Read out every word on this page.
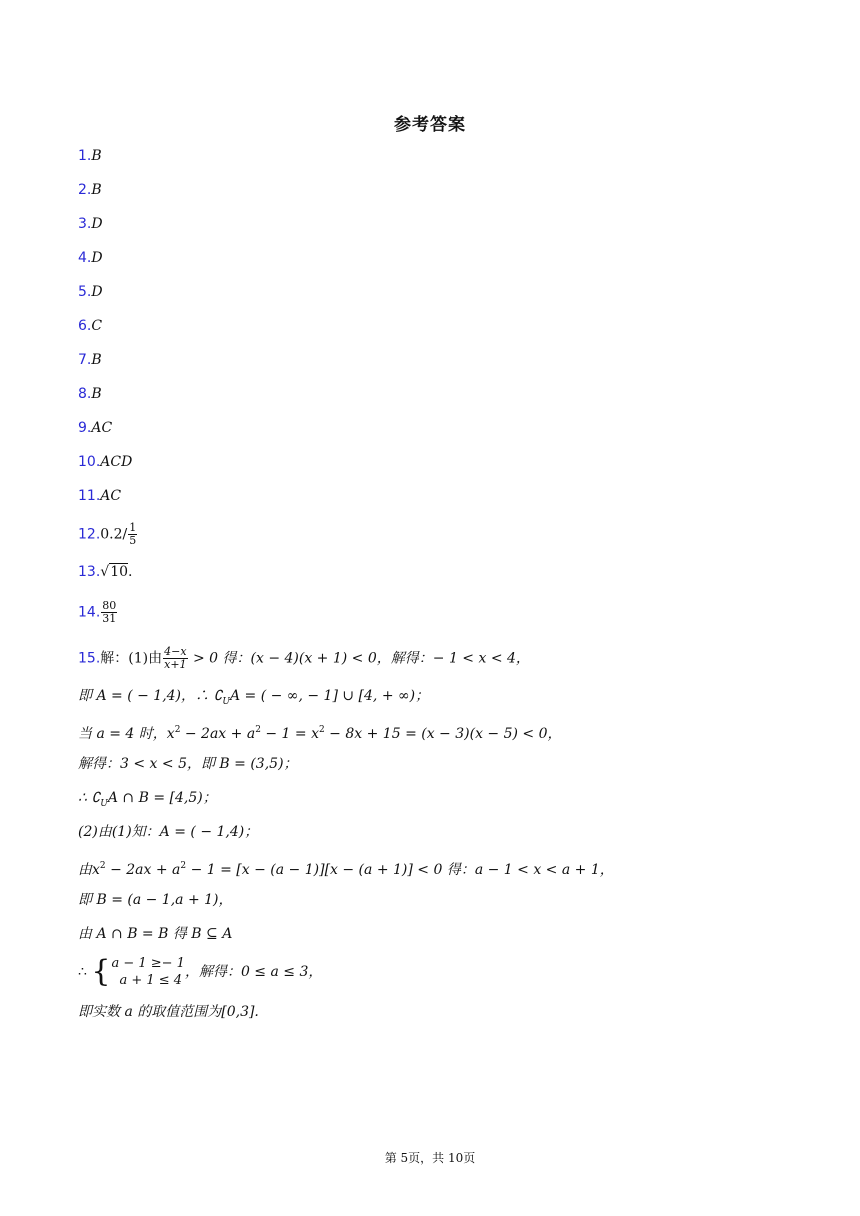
参考答案
1.B
2.B
3.D
4.D
5.D
6.C
7.B
8.B
9.AC
10.ACD
11.AC
$12.0.2/ \frac{1}{5}$
13.√10.
14. $\frac{80}{31}$
15.解：(1)由 $\frac{4-x}{x+1} > 0$ 得：(x − 4)(x + 1) < 0，解得：− 1 < x < 4，
即 A = ( − 1,4)，∴ $∁_UA$ = ( − ∞, − 1] ∪ [4, + ∞)；
当 a = 4 时，$x^2 - 2ax + a^2 - 1 = x^2 - 8x + 15 = (x - 3)(x - 5) < 0$，
解得：3 < x < 5，即 B = (3,5)；
∴ $∁_UA$ ∩ B = [4,5)；
(2)由(1)知：A = ( − 1,4)；
由$x^2 - 2ax + a^2 - 1 = [x - (a - 1)][x - (a + 1)] < 0$ 得：a − 1 < x < a + 1，
即 B = (a − 1,a + 1)，
由 A ∩ B = B 得 B ⊆ A
∴ { a − 1 ≥− 1
a + 1 ≤ 4
，解得：0 ≤ a ≤ 3，
即实数 a 的取值范围为[0,3].
第 5页，共 10页
